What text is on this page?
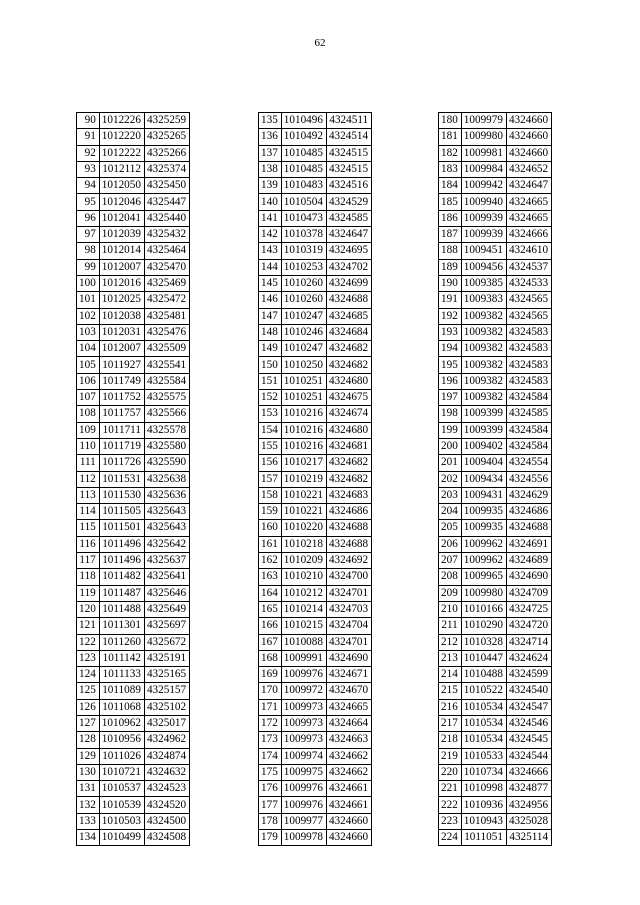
62
90	1012226	4325259
91	1012220	4325265
92	1012222	4325266
93	1012112	4325374
94	1012050	4325450
95	1012046	4325447
96	1012041	4325440
97	1012039	4325432
98	1012014	4325464
99	1012007	4325470
100	1012016	4325469
101	1012025	4325472
102	1012038	4325481
103	1012031	4325476
104	1012007	4325509
105	1011927	4325541
106	1011749	4325584
107	1011752	4325575
108	1011757	4325566
109	1011711	4325578
110	1011719	4325580
111	1011726	4325590
112	1011531	4325638
113	1011530	4325636
114	1011505	4325643
115	1011501	4325643
116	1011496	4325642
117	1011496	4325637
118	1011482	4325641
119	1011487	4325646
120	1011488	4325649
121	1011301	4325697
122	1011260	4325672
123	1011142	4325191
124	1011133	4325165
125	1011089	4325157
126	1011068	4325102
127	1010962	4325017
128	1010956	4324962
129	1011026	4324874
130	1010721	4324632
131	1010537	4324523
132	1010539	4324520
133	1010503	4324500
134	1010499	4324508
135	1010496	4324511
136	1010492	4324514
137	1010485	4324515
138	1010485	4324515
139	1010483	4324516
140	1010504	4324529
141	1010473	4324585
142	1010378	4324647
143	1010319	4324695
144	1010253	4324702
145	1010260	4324699
146	1010260	4324688
147	1010247	4324685
148	1010246	4324684
149	1010247	4324682
150	1010250	4324682
151	1010251	4324680
152	1010251	4324675
153	1010216	4324674
154	1010216	4324680
155	1010216	4324681
156	1010217	4324682
157	1010219	4324682
158	1010221	4324683
159	1010221	4324686
160	1010220	4324688
161	1010218	4324688
162	1010209	4324692
163	1010210	4324700
164	1010212	4324701
165	1010214	4324703
166	1010215	4324704
167	1010088	4324701
168	1009991	4324690
169	1009976	4324671
170	1009972	4324670
171	1009973	4324665
172	1009973	4324664
173	1009973	4324663
174	1009974	4324662
175	1009975	4324662
176	1009976	4324661
177	1009976	4324661
178	1009977	4324660
179	1009978	4324660
180	1009979	4324660
181	1009980	4324660
182	1009981	4324660
183	1009984	4324652
184	1009942	4324647
185	1009940	4324665
186	1009939	4324665
187	1009939	4324666
188	1009451	4324610
189	1009456	4324537
190	1009385	4324533
191	1009383	4324565
192	1009382	4324565
193	1009382	4324583
194	1009382	4324583
195	1009382	4324583
196	1009382	4324583
197	1009382	4324584
198	1009399	4324585
199	1009399	4324584
200	1009402	4324584
201	1009404	4324554
202	1009434	4324556
203	1009431	4324629
204	1009935	4324686
205	1009935	4324688
206	1009962	4324691
207	1009962	4324689
208	1009965	4324690
209	1009980	4324709
210	1010166	4324725
211	1010290	4324720
212	1010328	4324714
213	1010447	4324624
214	1010488	4324599
215	1010522	4324540
216	1010534	4324547
217	1010534	4324546
218	1010534	4324545
219	1010533	4324544
220	1010734	4324666
221	1010998	4324877
222	1010936	4324956
223	1010943	4325028
224	1011051	4325114
